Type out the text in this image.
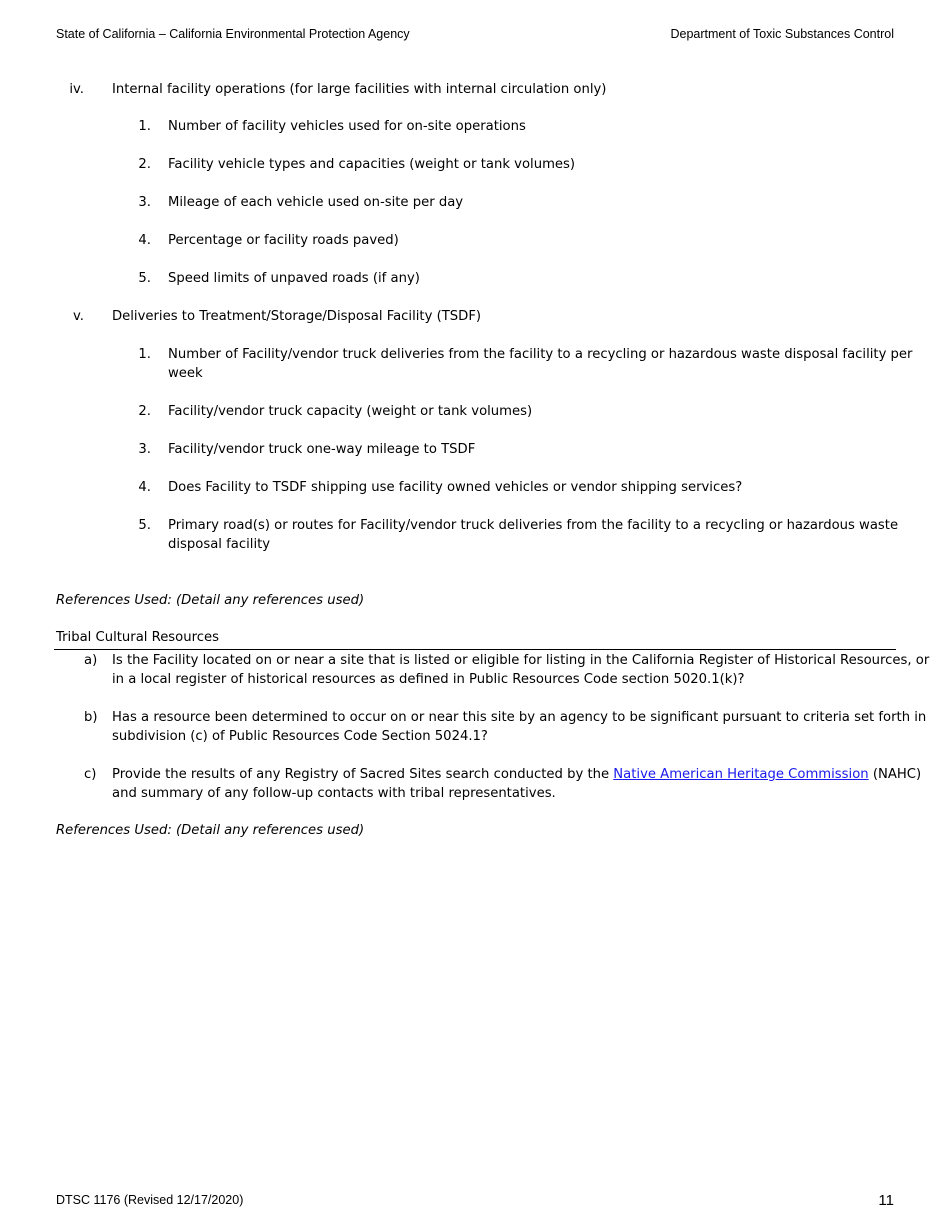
State of California – California Environmental Protection Agency	Department of Toxic Substances Control
iv. Internal facility operations (for large facilities with internal circulation only)
1. Number of facility vehicles used for on-site operations
2. Facility vehicle types and capacities (weight or tank volumes)
3. Mileage of each vehicle used on-site per day
4. Percentage or facility roads paved)
5. Speed limits of unpaved roads (if any)
v. Deliveries to Treatment/Storage/Disposal Facility (TSDF)
1. Number of Facility/vendor truck deliveries from the facility to a recycling or hazardous waste disposal facility per
week
2. Facility/vendor truck capacity (weight or tank volumes)
3. Facility/vendor truck one-way mileage to TSDF
4. Does Facility to TSDF shipping use facility owned vehicles or vendor shipping services?
5. Primary road(s) or routes for Facility/vendor truck deliveries from the facility to a recycling or hazardous waste
disposal facility
References Used: (Detail any references used)
Tribal Cultural Resources
a) Is the Facility located on or near a site that is listed or eligible for listing in the California Register of Historical Resources, or
in a local register of historical resources as defined in Public Resources Code section 5020.1(k)?
b) Has a resource been determined to occur on or near this site by an agency to be significant pursuant to criteria set forth in
subdivision (c) of Public Resources Code Section 5024.1?
c) Provide the results of any Registry of Sacred Sites search conducted by the Native American Heritage Commission (NAHC)
and summary of any follow-up contacts with tribal representatives.
References Used: (Detail any references used)
DTSC 1176 (Revised 12/17/2020)	11
